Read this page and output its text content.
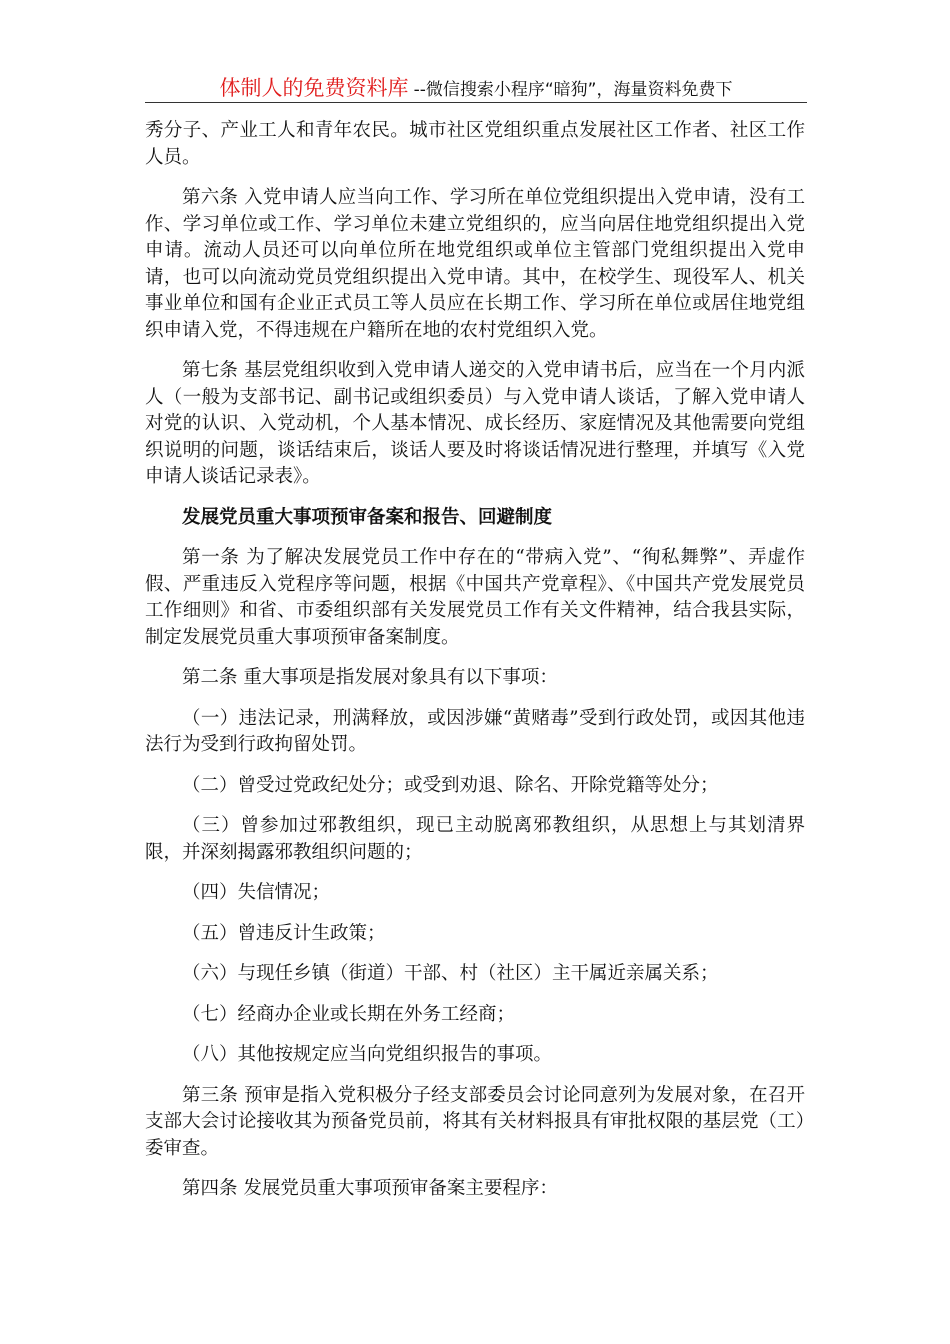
体制人的免费资料库 --微信搜索小程序“暗狗”，海量资料免费下

秀分子、产业工人和青年农民。城市社区党组织重点发展社区工作者、社区工作人员。

第六条 入党申请人应当向工作、学习所在单位党组织提出入党申请，没有工作、学习单位或工作、学习单位未建立党组织的，应当向居住地党组织提出入党申请。流动人员还可以向单位所在地党组织或单位主管部门党组织提出入党申请，也可以向流动党员党组织提出入党申请。其中，在校学生、现役军人、机关事业单位和国有企业正式员工等人员应在长期工作、学习所在单位或居住地党组织申请入党，不得违规在户籍所在地的农村党组织入党。

第七条 基层党组织收到入党申请人递交的入党申请书后，应当在一个月内派人（一般为支部书记、副书记或组织委员）与入党申请人谈话，了解入党申请人对党的认识、入党动机，个人基本情况、成长经历、家庭情况及其他需要向党组织说明的问题，谈话结束后，谈话人要及时将谈话情况进行整理，并填写《入党申请人谈话记录表》。

发展党员重大事项预审备案和报告、回避制度

第一条 为了解决发展党员工作中存在的“带病入党”、“徇私舞弊”、弄虚作假、严重违反入党程序等问题，根据《中国共产党章程》、《中国共产党发展党员工作细则》和省、市委组织部有关发展党员工作有关文件精神，结合我县实际，制定发展党员重大事项预审备案制度。

第二条 重大事项是指发展对象具有以下事项：

（一）违法记录，刑满释放，或因涉嫌“黄赌毒”受到行政处罚，或因其他违法行为受到行政拘留处罚。

（二）曾受过党政纪处分；或受到劝退、除名、开除党籍等处分；

（三）曾参加过邪教组织，现已主动脱离邪教组织，从思想上与其划清界限，并深刻揭露邪教组织问题的；

（四）失信情况；

（五）曾违反计生政策；

（六）与现任乡镇（街道）干部、村（社区）主干属近亲属关系；

（七）经商办企业或长期在外务工经商；

（八）其他按规定应当向党组织报告的事项。

第三条 预审是指入党积极分子经支部委员会讨论同意列为发展对象，在召开支部大会讨论接收其为预备党员前，将其有关材料报具有审批权限的基层党（工）委审查。

第四条 发展党员重大事项预审备案主要程序：
